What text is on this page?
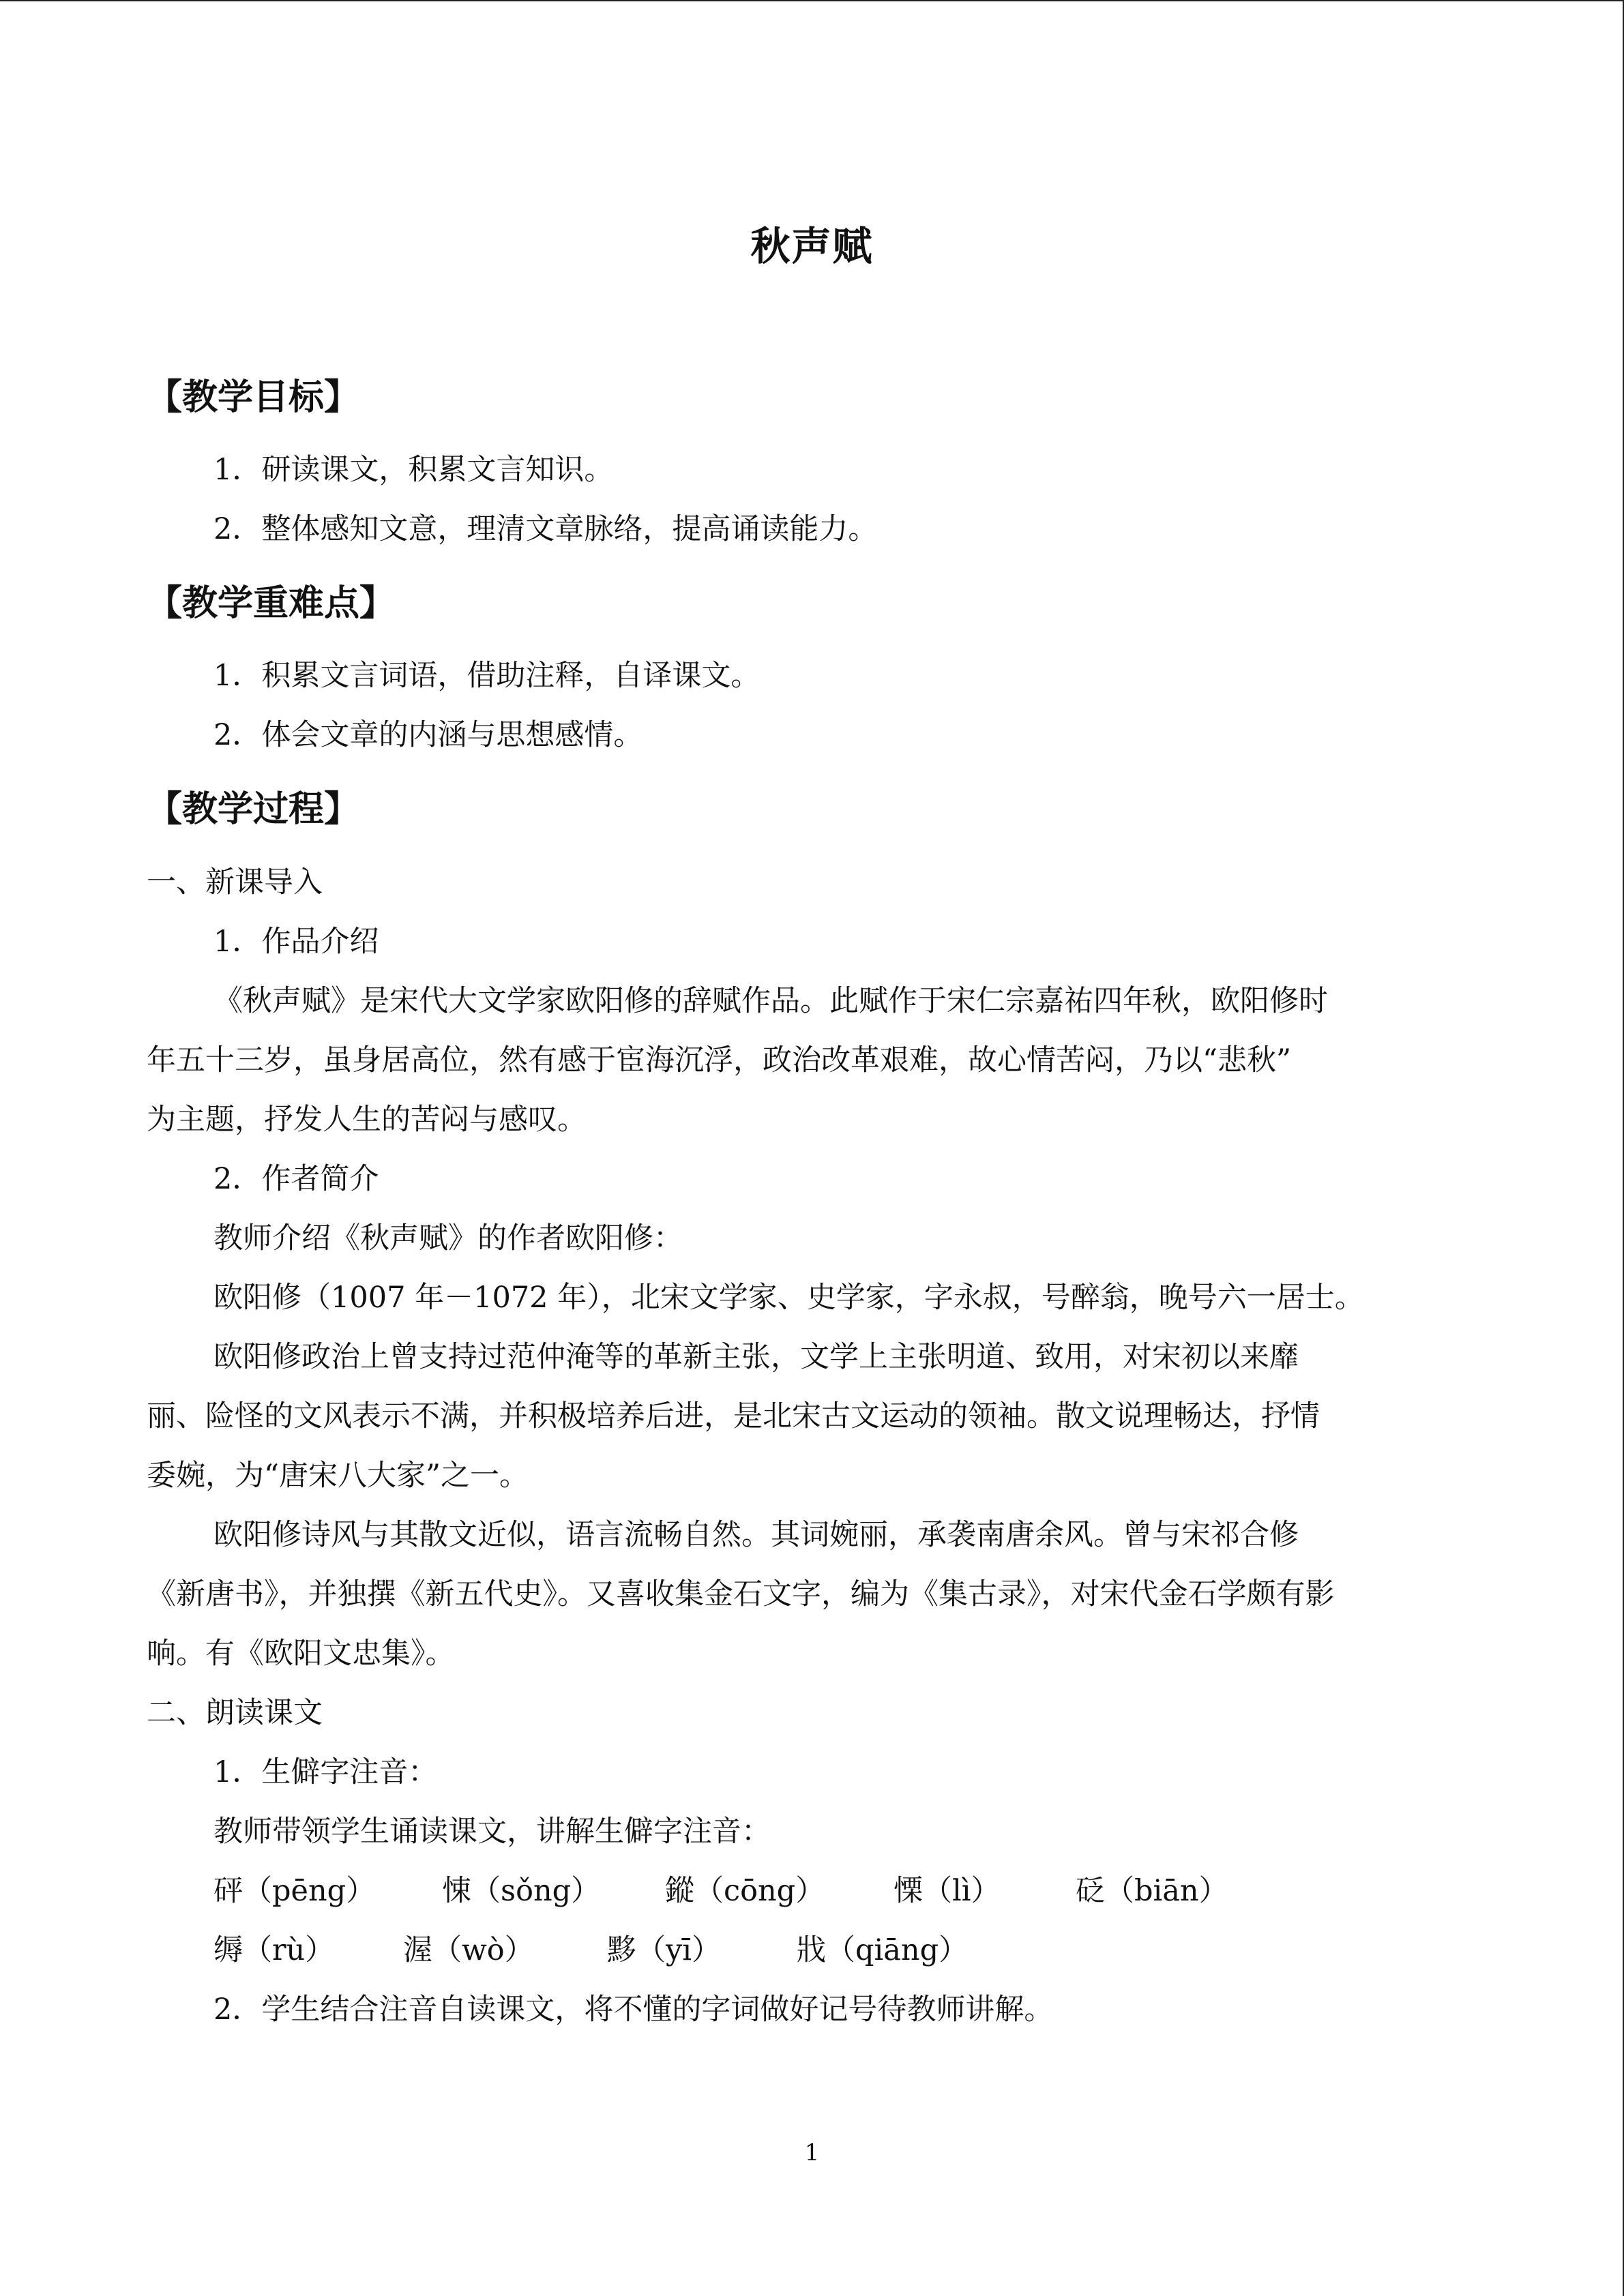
秋声赋
【教学目标】
1．研读课文，积累文言知识。
2．整体感知文意，理清文章脉络，提高诵读能力。
【教学重难点】
1．积累文言词语，借助注释，自译课文。
2．体会文章的内涵与思想感情。
【教学过程】
一、新课导入
1．作品介绍
《秋声赋》是宋代大文学家欧阳修的辞赋作品。此赋作于宋仁宗嘉祐四年秋，欧阳修时
年五十三岁，虽身居高位，然有感于宦海沉浮，政治改革艰难，故心情苦闷，乃以“悲秋”
为主题，抒发人生的苦闷与感叹。
2．作者简介
教师介绍《秋声赋》的作者欧阳修：
欧阳修（1007 年－1072 年），北宋文学家、史学家，字永叔，号醉翁，晚号六一居士。
欧阳修政治上曾支持过范仲淹等的革新主张，文学上主张明道、致用，对宋初以来靡
丽、险怪的文风表示不满，并积极培养后进，是北宋古文运动的领袖。散文说理畅达，抒情
委婉，为“唐宋八大家”之一。
欧阳修诗风与其散文近似，语言流畅自然。其词婉丽，承袭南唐余风。曾与宋祁合修
《新唐书》，并独撰《新五代史》。又喜收集金石文字，编为《集古录》，对宋代金石学颇有影
响。有《欧阳文忠集》。
二、朗读课文
1．生僻字注音：
教师带领学生诵读课文，讲解生僻字注音：
砰（pēng） 悚（sǒng） 鏦（cōng） 慄（lì）	砭（biān）
缛（rù） 渥（wò） 黟（yī）	戕（qiāng）
2．学生结合注音自读课文，将不懂的字词做好记号待教师讲解。
1
